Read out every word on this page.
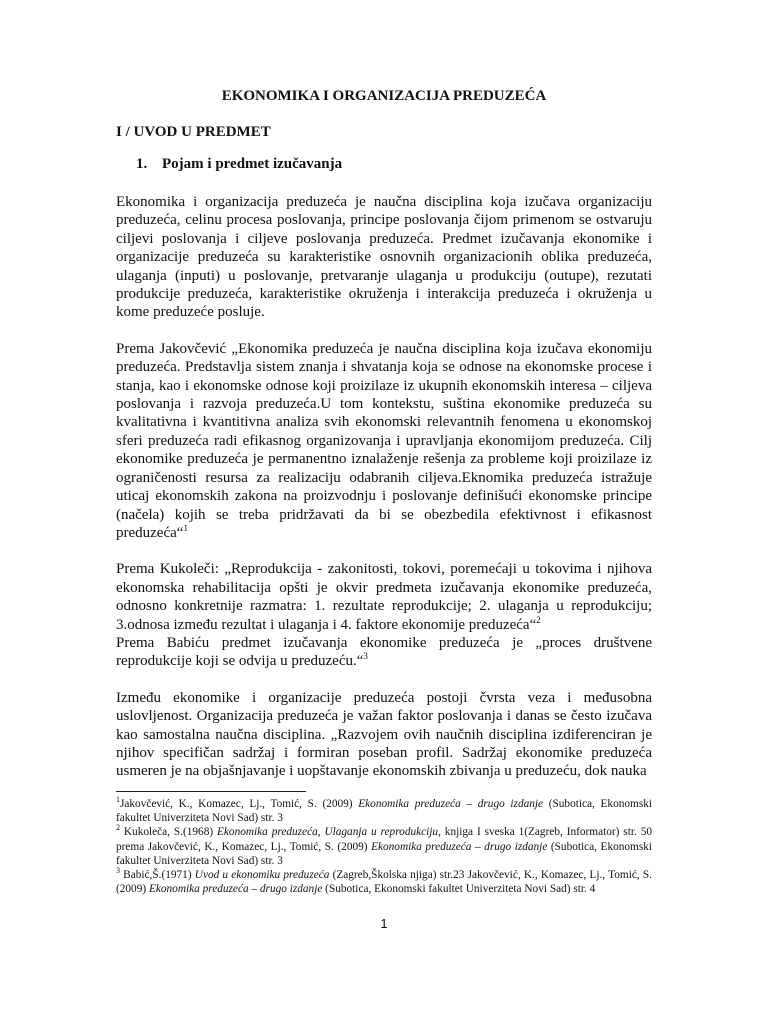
EKONOMIKA I ORGANIZACIJA PREDUZEĆA
I / UVOD U PREDMET
1. Pojam i predmet izučavanja

Ekonomika i organizacija preduzeća je naučna disciplina koja izučava organizaciju preduzeća, celinu procesa poslovanja, principe poslovanja čijom primenom se ostvaruju ciljevi poslovanja i ciljeve poslovanja preduzeća. Predmet izučavanja ekonomike i organizacije preduzeća su karakteristike osnovnih organizacionih oblika preduzeća, ulaganja (inputi) u poslovanje, pretvaranje ulaganja u produkciju (outupe), rezutati produkcije preduzeća, karakteristike okruženja i interakcija preduzeća i okruženja u kome preduzeće posluje.

Prema Jakovčević „Ekonomika preduzeća je naučna disciplina koja izučava ekonomiju preduzeća. Predstavlja sistem znanja i shvatanja koja se odnose na ekonomske procese i stanja, kao i ekonomske odnose koji proizilaze iz ukupnih ekonomskih interesa – ciljeva poslovanja i razvoja preduzeća.U tom kontekstu, suština ekonomike preduzeća su kvalitativna i kvantitivna analiza svih ekonomski relevantnih fenomena u ekonomskoj sferi preduzeća radi efikasnog organizovanja i upravljanja ekonomijom preduzeća. Cilj ekonomike preduzeća je permanentno iznalaženje rešenja za probleme koji proizilaze iz ograničenosti resursa za realizaciju odabranih ciljeva.Eknomika preduzeća istražuje uticaj ekonomskih zakona na proizvodnju i poslovanje definišući ekonomske principe (načela) kojih se treba pridržavati da bi se obezbedila efektivnost i efikasnost preduzeća“$^1$

Prema Kukoleči: „Reprodukcija - zakonitosti, tokovi, poremećaji u tokovima i njihova ekonomska rehabilitacija opšti je okvir predmeta izučavanja ekonomike preduzeća, odnosno konkretnije razmatra: 1. rezultate reprodukcije; 2. ulaganja u reprodukciju; 3.odnosa između rezultat i ulaganja i 4. faktore ekonomije preduzeća“$^2$

Prema Babiću predmet izučavanja ekonomike preduzeća je „proces društvene reprodukcije koji se odvija u preduzeću.“$^3$

Između ekonomike i organizacije preduzeća postoji čvrsta veza i međusobna uslovljenost. Organizacija preduzeća je važan faktor poslovanja i danas se često izučava kao samostalna naučna disciplina. „Razvojem ovih naučnih disciplina izdiferenciran je njihov specifičan sadržaj i formiran poseban profil. Sadržaj ekonomike preduzeća usmeren je na objašnjavanje i uopštavanje ekonomskih zbivanja u preduzeću, dok nauka

$^1$Jakovčević, K., Komazec, Lj., Tomić, S. (2009) Ekonomika preduzeća – drugo izdanje (Subotica, Ekonomski fakultet Univerziteta Novi Sad) str. 3

$^2$ Kukoleča, S.(1968) Ekonomika preduzeća, Ulaganja u reprodukciju, knjiga I sveska 1(Zagreb, Informator) str. 50 prema Jakovčević, K., Komazec, Lj., Tomić, S. (2009) Ekonomika preduzeća – drugo izdanje (Subotica, Ekonomski fakultet Univerziteta Novi Sad) str. 3

$^3$ Babić,Š.(1971) Uvod u ekonomiku preduzeća (Zagreb,Školska njiga) str.23 Jakovčević, K., Komazec, Lj., Tomić, S. (2009) Ekonomika preduzeća – drugo izdanje (Subotica, Ekonomski fakultet Univerziteta Novi Sad) str. 4

1
